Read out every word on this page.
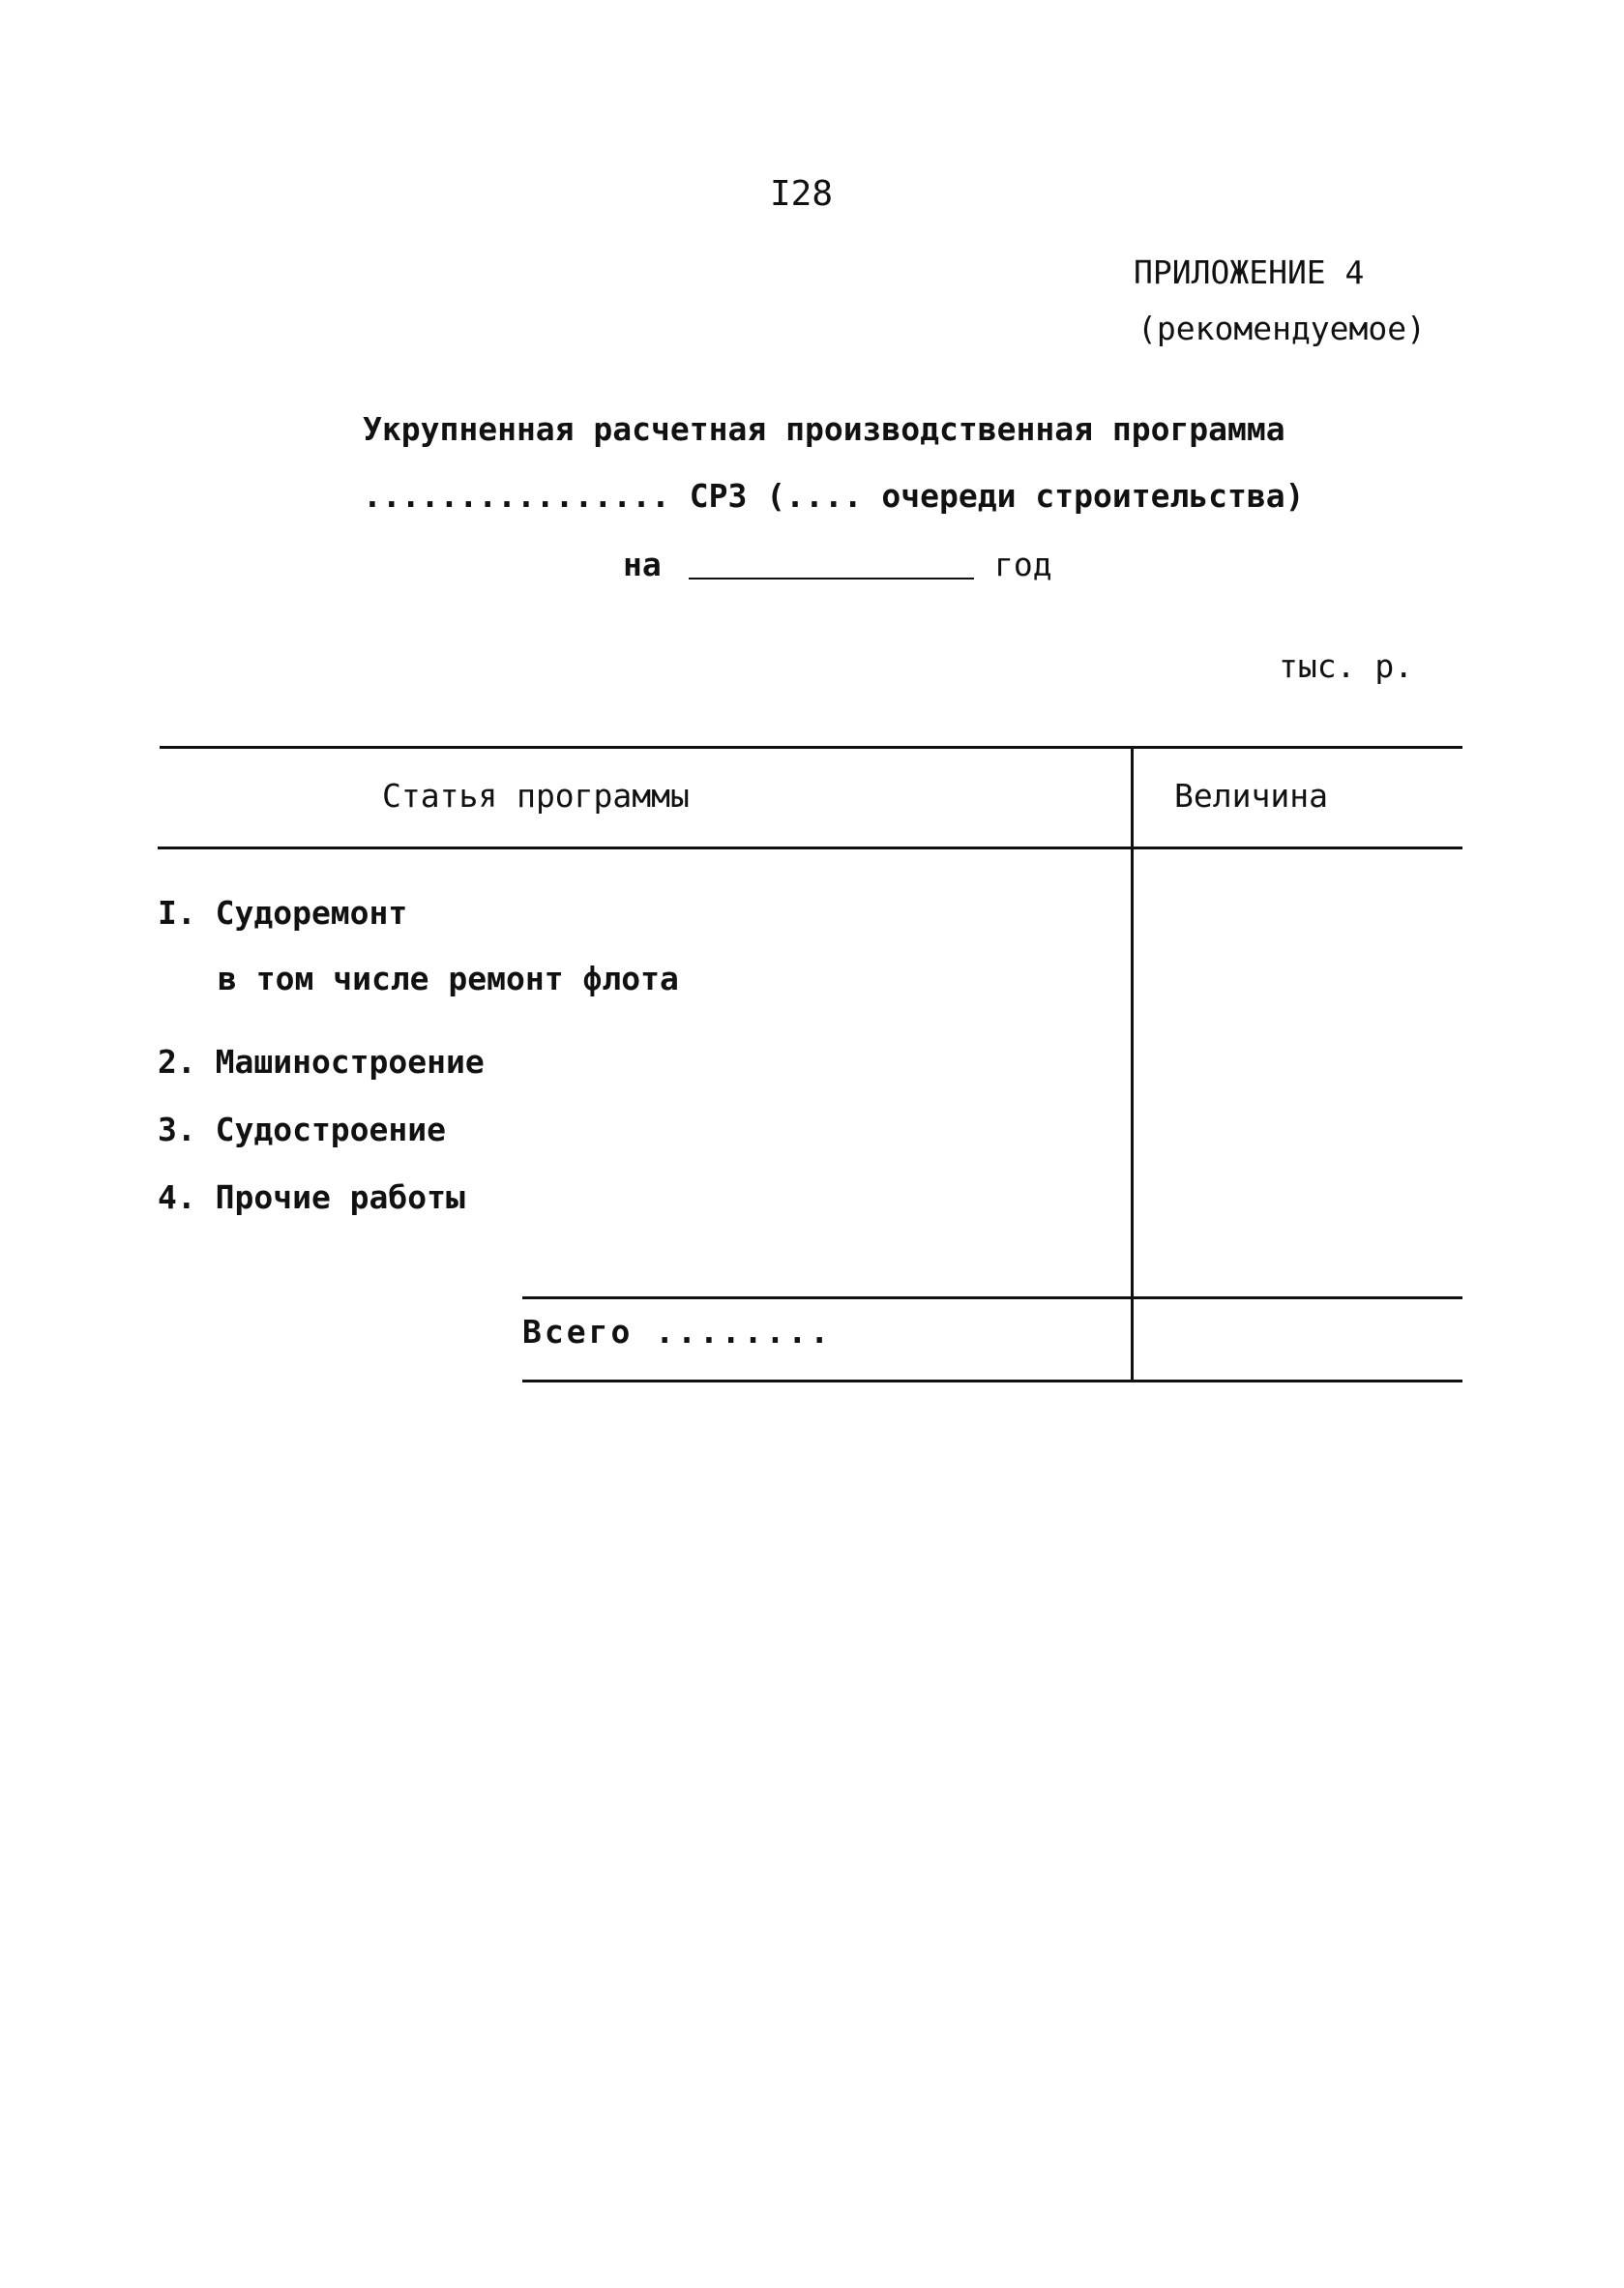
I28
ПРИЛОЖЕНИЕ 4
(рекомендуемое)
Укрупненная расчетная производственная программа
................ СРЗ (.... очереди строительства)
на	год
тыс. р.
Статья программы	Величина
I. Судоремонт
в том числе ремонт флота
2. Машиностроение
3. Судостроение
4. Прочие работы
Всего ........
